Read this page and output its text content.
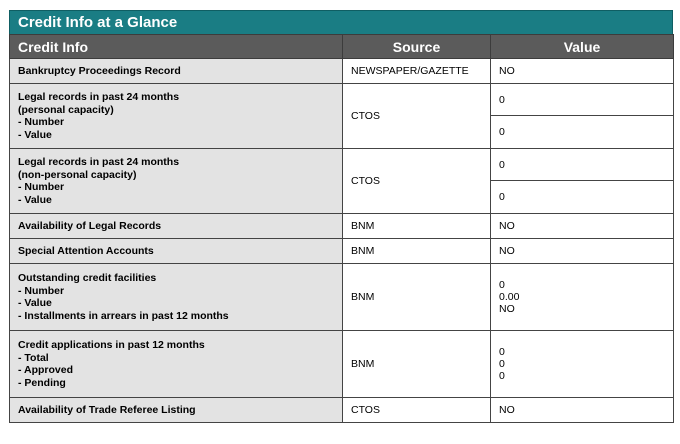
Credit Info at a Glance
Credit Info	Source	Value
Bankruptcy Proceedings Record	NEWSPAPER/GAZETTE	NO

Legal records in past 24 months
(personal capacity)
- Number
- Value	CTOS	0
		0

Legal records in past 24 months
(non-personal capacity)
- Number
- Value	CTOS	0
		0
Availability of Legal Records	BNM	NO
Special Attention Accounts	BNM	NO

Outstanding credit facilities
- Number
- Value
- Installments in arrears in past 12 months	BNM	0
0.00
NO

Credit applications in past 12 months
- Total
- Approved
- Pending	BNM	0
0
0

Availability of Trade Referee Listing	CTOS	NO
